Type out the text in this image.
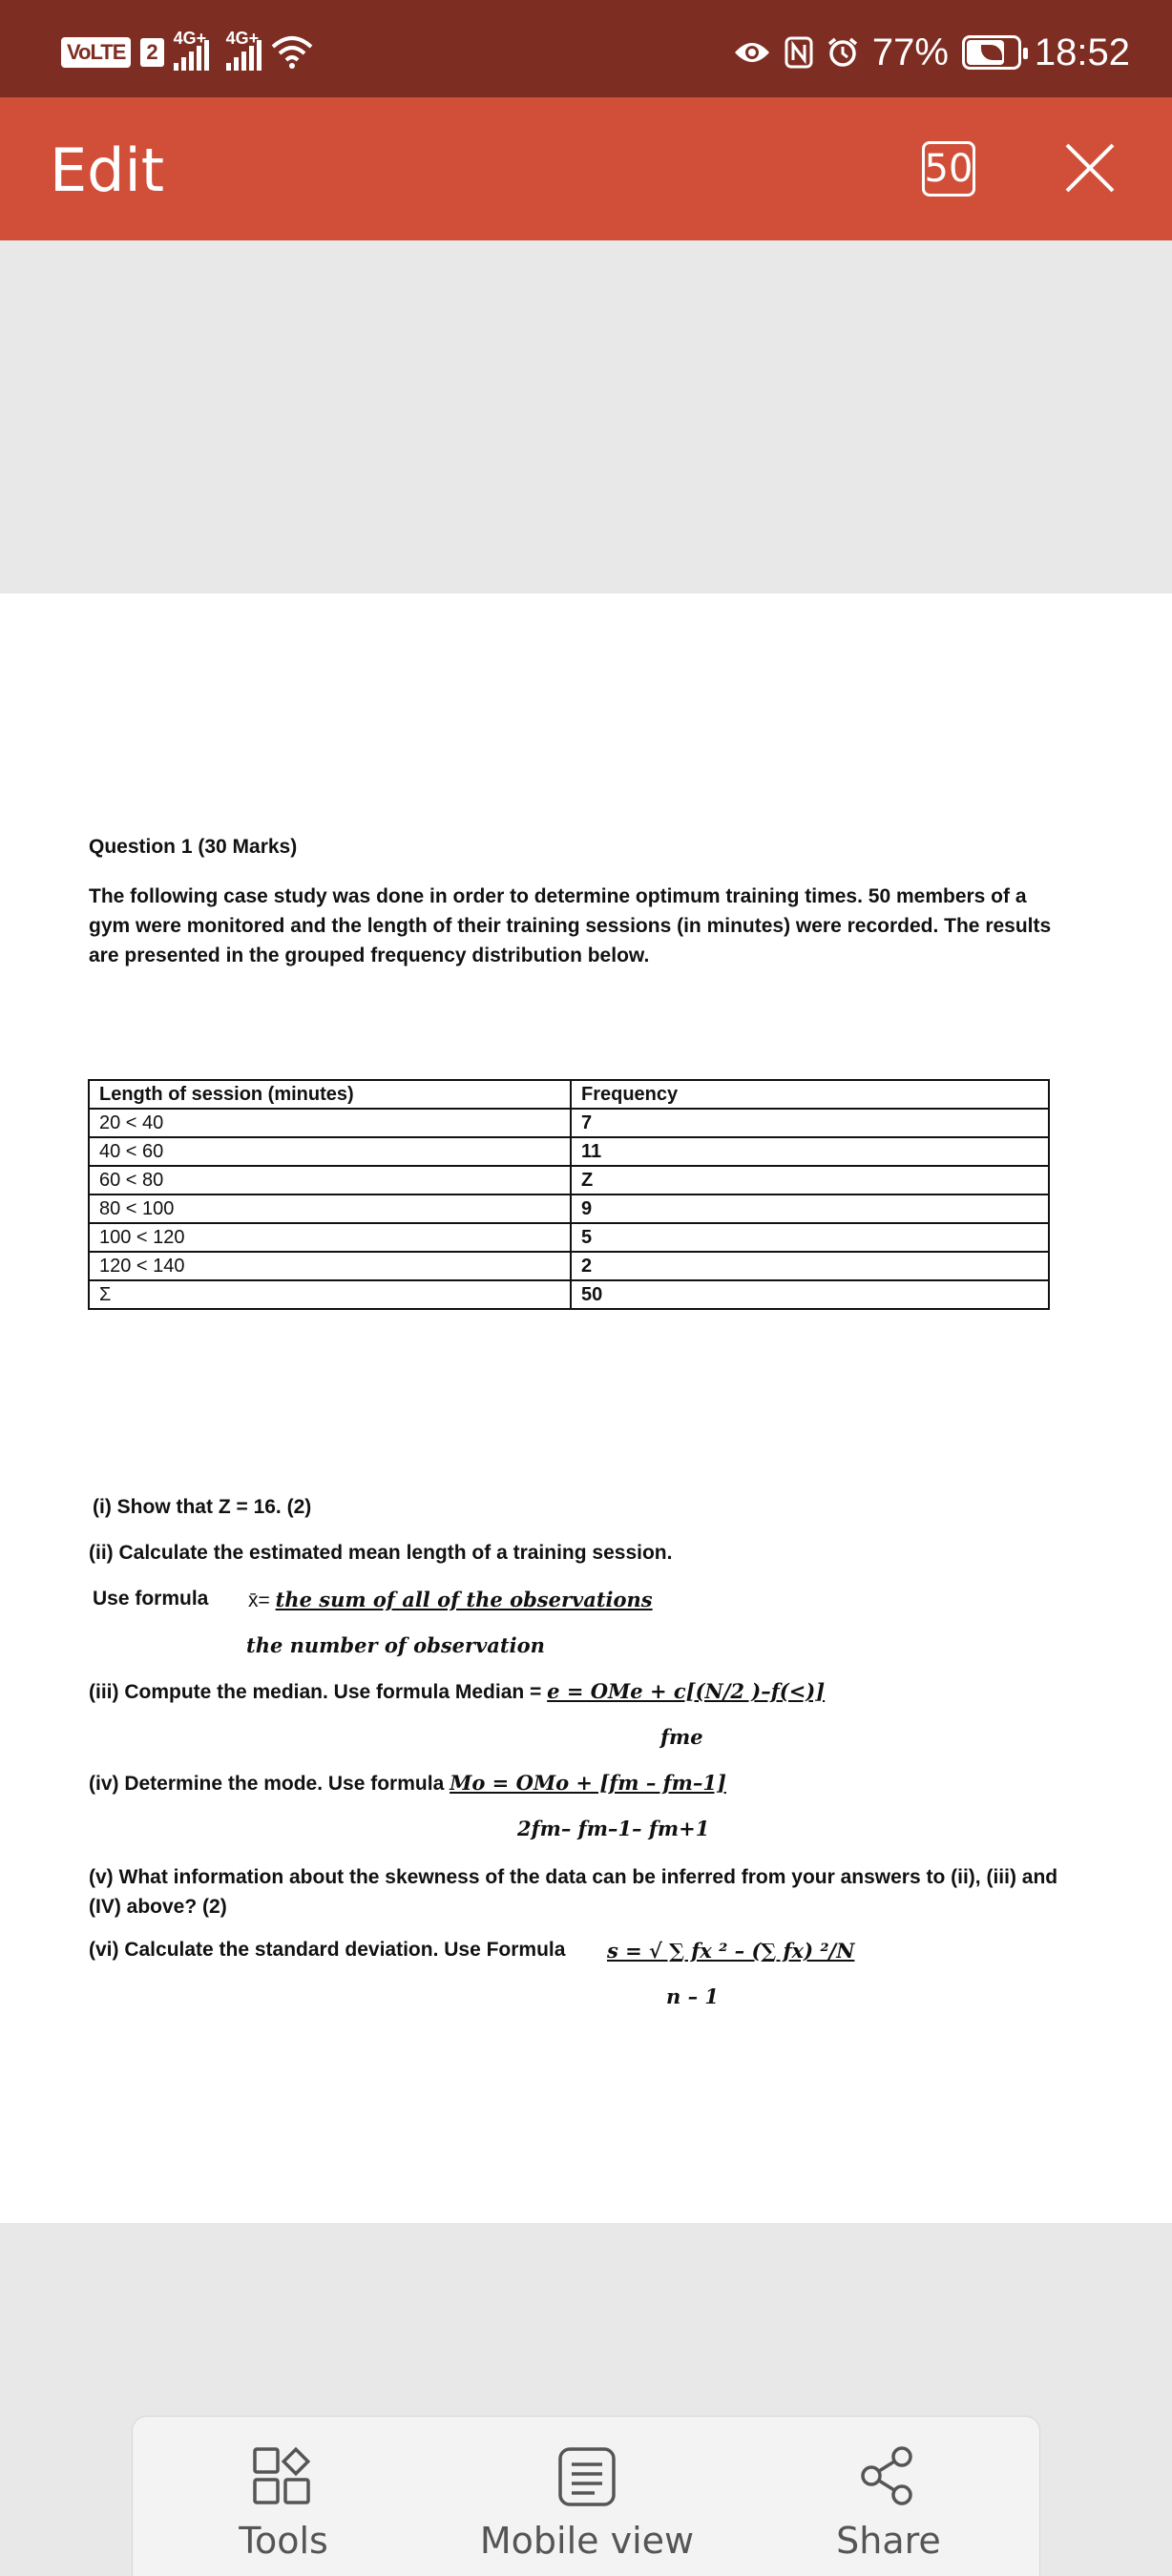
VoLTE 2
4G+ 4G+	77% 18:52
Edit	50
Question 1 (30 Marks)
The following case study was done in order to determine optimum training times. 50 members of a gym were monitored and the length of their training sessions (in minutes) were recorded. The results are presented in the grouped frequency distribution below.
Length of session (minutes)	Frequency
20 < 40	7
40 < 60	11
60 < 80	Z
80 < 100	9
100 < 120	5
120 < 140	2
Σ	50
(i) Show that Z = 16. (2)
(ii) Calculate the estimated mean length of a training session.
Use formula x̄= the sum of all of the observations
the number of observation
(iii) Compute the median. Use formula Median = e = OMe + c[(N/2 )–f(<)]
fme
(iv) Determine the mode. Use formula Mo = OMo + [fm – fm–1]
2fm– fm–1– fm+1
(v) What information about the skewness of the data can be inferred from your answers to (ii), (iii) and (IV) above? (2)
(vi) Calculate the standard deviation. Use Formula s = √ ∑ fx ² – (∑ fx) ²/N
n – 1
Tools	Mobile view	Share
